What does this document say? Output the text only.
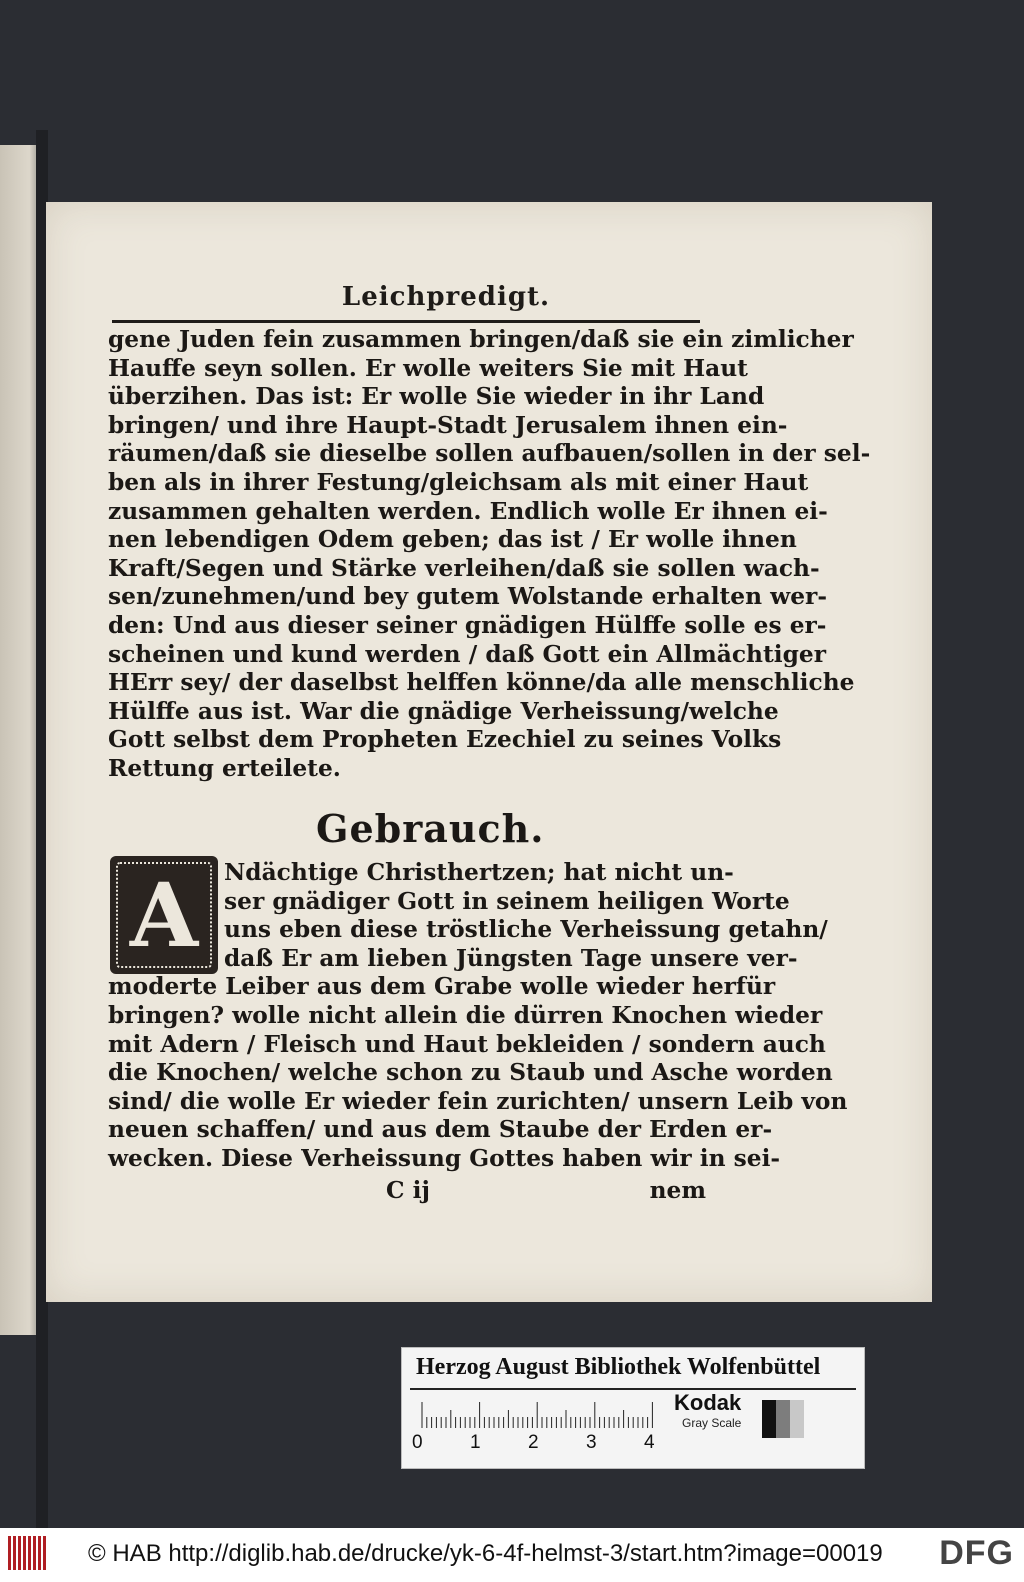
Leichpredigt.
gene Juden fein zusammen bringen/daß sie ein zimlicher
Hauffe seyn sollen. Er wolle weiters Sie mit Haut
überzihen. Das ist: Er wolle Sie wieder in ihr Land
bringen/ und ihre Haupt-Stadt Jerusalem ihnen ein-
räumen/daß sie dieselbe sollen aufbauen/sollen in der sel-
ben als in ihrer Festung/gleichsam als mit einer Haut
zusammen gehalten werden. Endlich wolle Er ihnen ei-
nen lebendigen Odem geben; das ist / Er wolle ihnen
Kraft/Segen und Stärke verleihen/daß sie sollen wach-
sen/zunehmen/und bey gutem Wolstande erhalten wer-
den: Und aus dieser seiner gnädigen Hülffe solle es er-
scheinen und kund werden / daß Gott ein Allmächtiger
HErr sey/ der daselbst helffen könne/da alle menschliche
Hülffe aus ist. War die gnädige Verheissung/welche
Gott selbst dem Propheten Ezechiel zu seines Volks
Rettung erteilete.
Gebrauch.
A	Ndächtige Christhertzen; hat nicht un-
ser gnädiger Gott in seinem heiligen Worte
uns eben diese tröstliche Verheissung getahn/
daß Er am lieben Jüngsten Tage unsere ver-
moderte Leiber aus dem Grabe wolle wieder herfür
bringen? wolle nicht allein die dürren Knochen wieder
mit Adern / Fleisch und Haut bekleiden / sondern auch
die Knochen/ welche schon zu Staub und Asche worden
sind/ die wolle Er wieder fein zurichten/ unsern Leib von
neuen schaffen/ und aus dem Staube der Erden er-
wecken. Diese Verheissung Gottes haben wir in sei-
C ij	nem
Herzog August Bibliothek Wolfenbüttel
0 1 2 3 4
Kodak
Gray Scale
© HAB http://diglib.hab.de/drucke/yk-6-4f-helmst-3/start.htm?image=00019 DFG
